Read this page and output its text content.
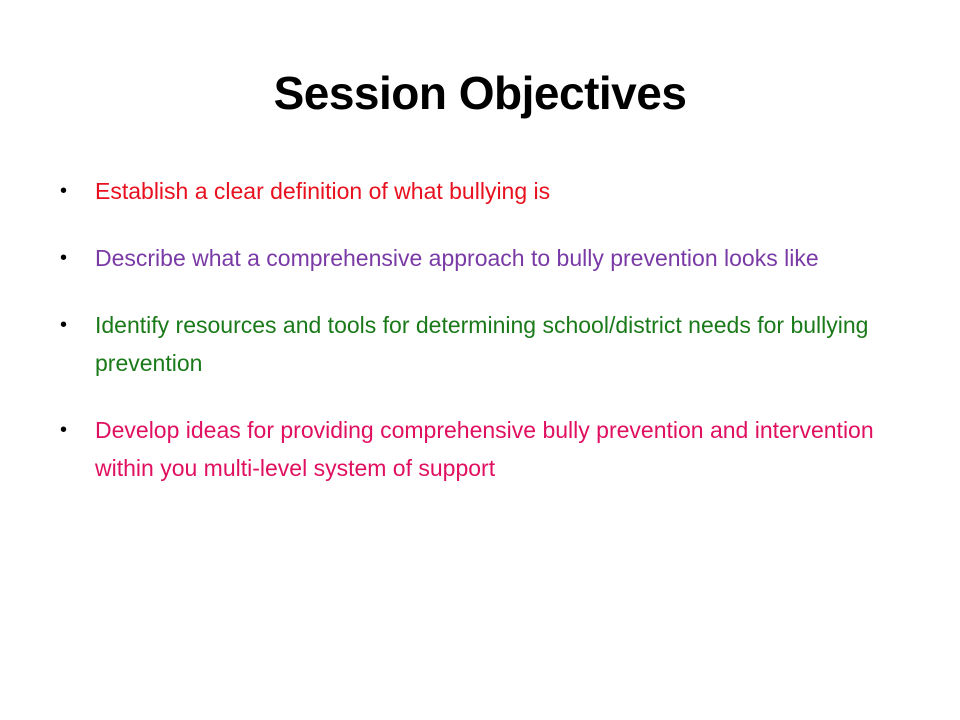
Session Objectives
•	Establish a clear definition of what bullying is
•	Describe what a comprehensive approach to bully prevention looks like
•	Identify resources and tools for determining school/district needs for bullying prevention
•	Develop ideas for providing comprehensive bully prevention and intervention within you multi-level system of support
